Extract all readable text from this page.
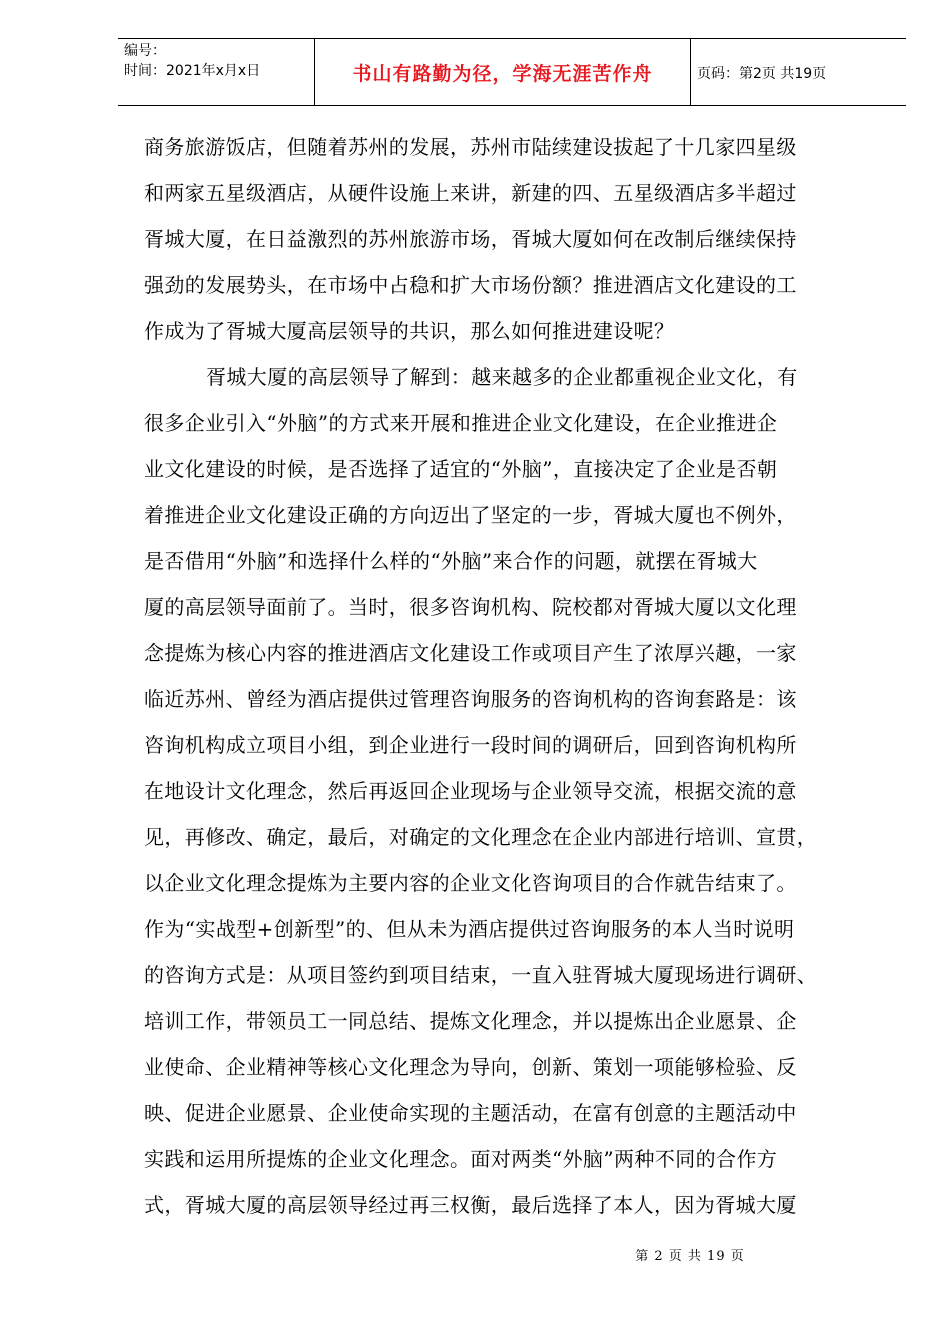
编号：
时间：2021年x月x日	书山有路勤为径，学海无涯苦作舟	页码：第2页 共19页
商务旅游饭店，但随着苏州的发展，苏州市陆续建设拔起了十几家四星级
和两家五星级酒店，从硬件设施上来讲，新建的四、五星级酒店多半超过
胥城大厦，在日益激烈的苏州旅游市场，胥城大厦如何在改制后继续保持
强劲的发展势头，在市场中占稳和扩大市场份额？推进酒店文化建设的工
作成为了胥城大厦高层领导的共识，那么如何推进建设呢？
胥城大厦的高层领导了解到：越来越多的企业都重视企业文化，有
很多企业引入“外脑”的方式来开展和推进企业文化建设，在企业推进企
业文化建设的时候，是否选择了适宜的“外脑”，直接决定了企业是否朝
着推进企业文化建设正确的方向迈出了坚定的一步，胥城大厦也不例外，
是否借用“外脑”和选择什么样的“外脑”来合作的问题，就摆在胥城大
厦的高层领导面前了。当时，很多咨询机构、院校都对胥城大厦以文化理
念提炼为核心内容的推进酒店文化建设工作或项目产生了浓厚兴趣，一家
临近苏州、曾经为酒店提供过管理咨询服务的咨询机构的咨询套路是：该
咨询机构成立项目小组，到企业进行一段时间的调研后，回到咨询机构所
在地设计文化理念，然后再返回企业现场与企业领导交流，根据交流的意
见，再修改、确定，最后，对确定的文化理念在企业内部进行培训、宣贯，
以企业文化理念提炼为主要内容的企业文化咨询项目的合作就告结束了。
作为“实战型+创新型”的、但从未为酒店提供过咨询服务的本人当时说明
的咨询方式是：从项目签约到项目结束，一直入驻胥城大厦现场进行调研、
培训工作，带领员工一同总结、提炼文化理念，并以提炼出企业愿景、企
业使命、企业精神等核心文化理念为导向，创新、策划一项能够检验、反
映、促进企业愿景、企业使命实现的主题活动，在富有创意的主题活动中
实践和运用所提炼的企业文化理念。面对两类“外脑”两种不同的合作方
式，胥城大厦的高层领导经过再三权衡，最后选择了本人，因为胥城大厦
第 2 页 共 19 页
